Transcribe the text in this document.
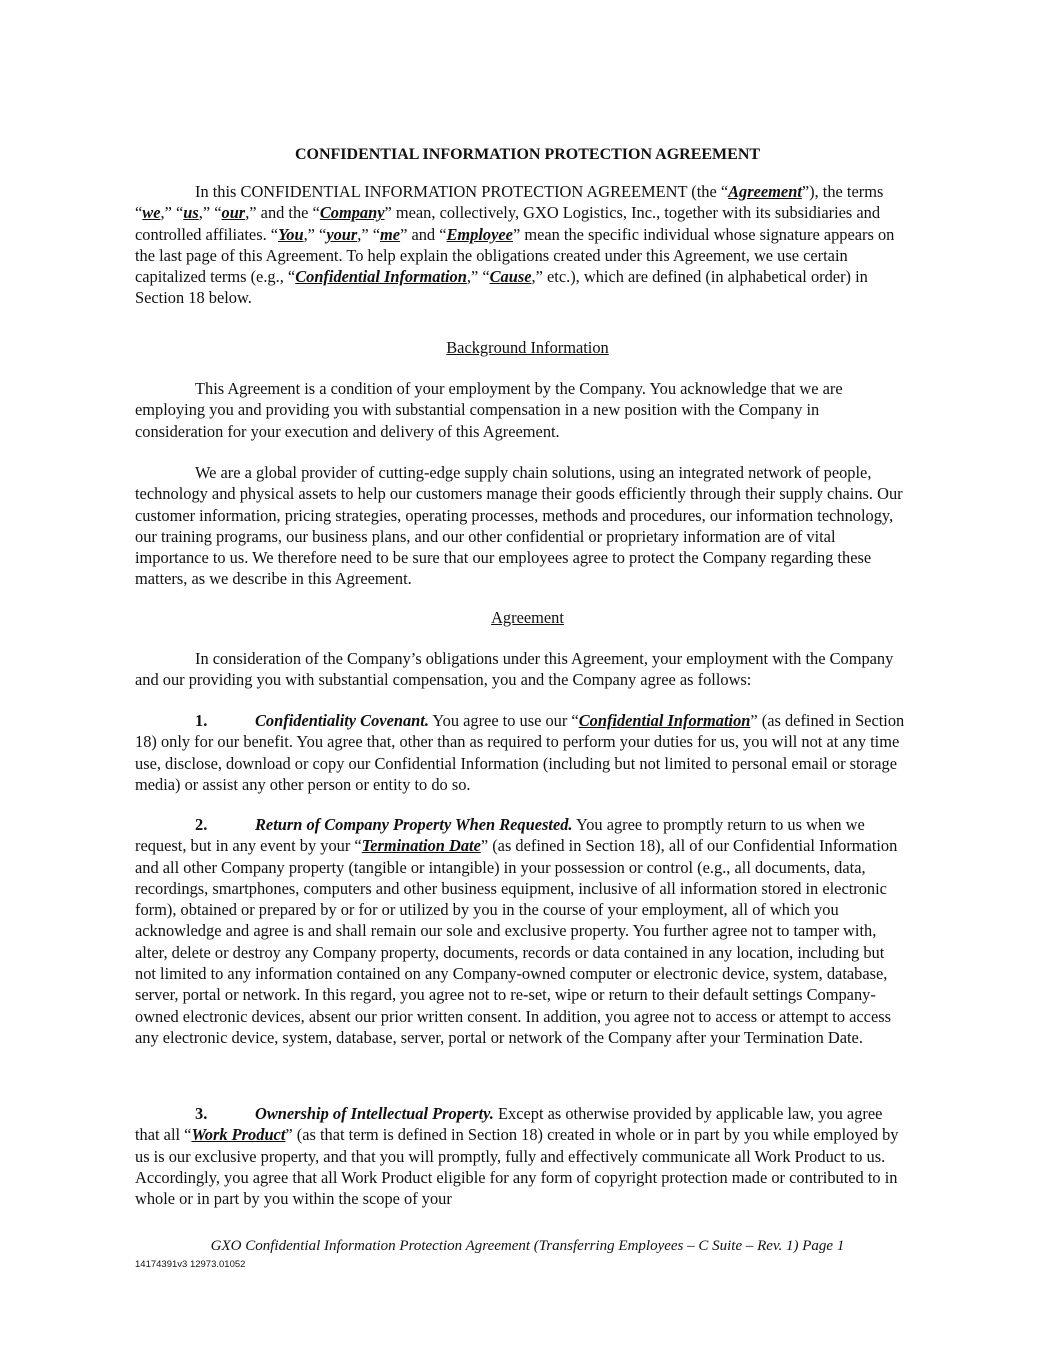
CONFIDENTIAL INFORMATION PROTECTION AGREEMENT
In this CONFIDENTIAL INFORMATION PROTECTION AGREEMENT (the “Agreement”), the terms “we,” “us,” “our,” and the “Company” mean, collectively, GXO Logistics, Inc., together with its subsidiaries and controlled affiliates. “You,” “your,” “me” and “Employee” mean the specific individual whose signature appears on the last page of this Agreement. To help explain the obligations created under this Agreement, we use certain capitalized terms (e.g., “Confidential Information,” “Cause,” etc.), which are defined (in alphabetical order) in Section 18 below.
Background Information
This Agreement is a condition of your employment by the Company. You acknowledge that we are employing you and providing you with substantial compensation in a new position with the Company in consideration for your execution and delivery of this Agreement.
We are a global provider of cutting-edge supply chain solutions, using an integrated network of people, technology and physical assets to help our customers manage their goods efficiently through their supply chains. Our customer information, pricing strategies, operating processes, methods and procedures, our information technology, our training programs, our business plans, and our other confidential or proprietary information are of vital importance to us. We therefore need to be sure that our employees agree to protect the Company regarding these matters, as we describe in this Agreement.
Agreement
In consideration of the Company’s obligations under this Agreement, your employment with the Company and our providing you with substantial compensation, you and the Company agree as follows:
1.	Confidentiality Covenant. You agree to use our “Confidential Information” (as defined in Section 18) only for our benefit. You agree that, other than as required to perform your duties for us, you will not at any time use, disclose, download or copy our Confidential Information (including but not limited to personal email or storage media) or assist any other person or entity to do so.
2.	Return of Company Property When Requested. You agree to promptly return to us when we request, but in any event by your “Termination Date” (as defined in Section 18), all of our Confidential Information and all other Company property (tangible or intangible) in your possession or control (e.g., all documents, data, recordings, smartphones, computers and other business equipment, inclusive of all information stored in electronic form), obtained or prepared by or for or utilized by you in the course of your employment, all of which you acknowledge and agree is and shall remain our sole and exclusive property. You further agree not to tamper with, alter, delete or destroy any Company property, documents, records or data contained in any location, including but not limited to any information contained on any Company-owned computer or electronic device, system, database, server, portal or network. In this regard, you agree not to re-set, wipe or return to their default settings Company-owned electronic devices, absent our prior written consent. In addition, you agree not to access or attempt to access any electronic device, system, database, server, portal or network of the Company after your Termination Date.
3.	Ownership of Intellectual Property. Except as otherwise provided by applicable law, you agree that all “Work Product” (as that term is defined in Section 18) created in whole or in part by you while employed by us is our exclusive property, and that you will promptly, fully and effectively communicate all Work Product to us. Accordingly, you agree that all Work Product eligible for any form of copyright protection made or contributed to in whole or in part by you within the scope of your
GXO Confidential Information Protection Agreement (Transferring Employees – C Suite – Rev. 1) Page 1
14174391v3 12973.01052
